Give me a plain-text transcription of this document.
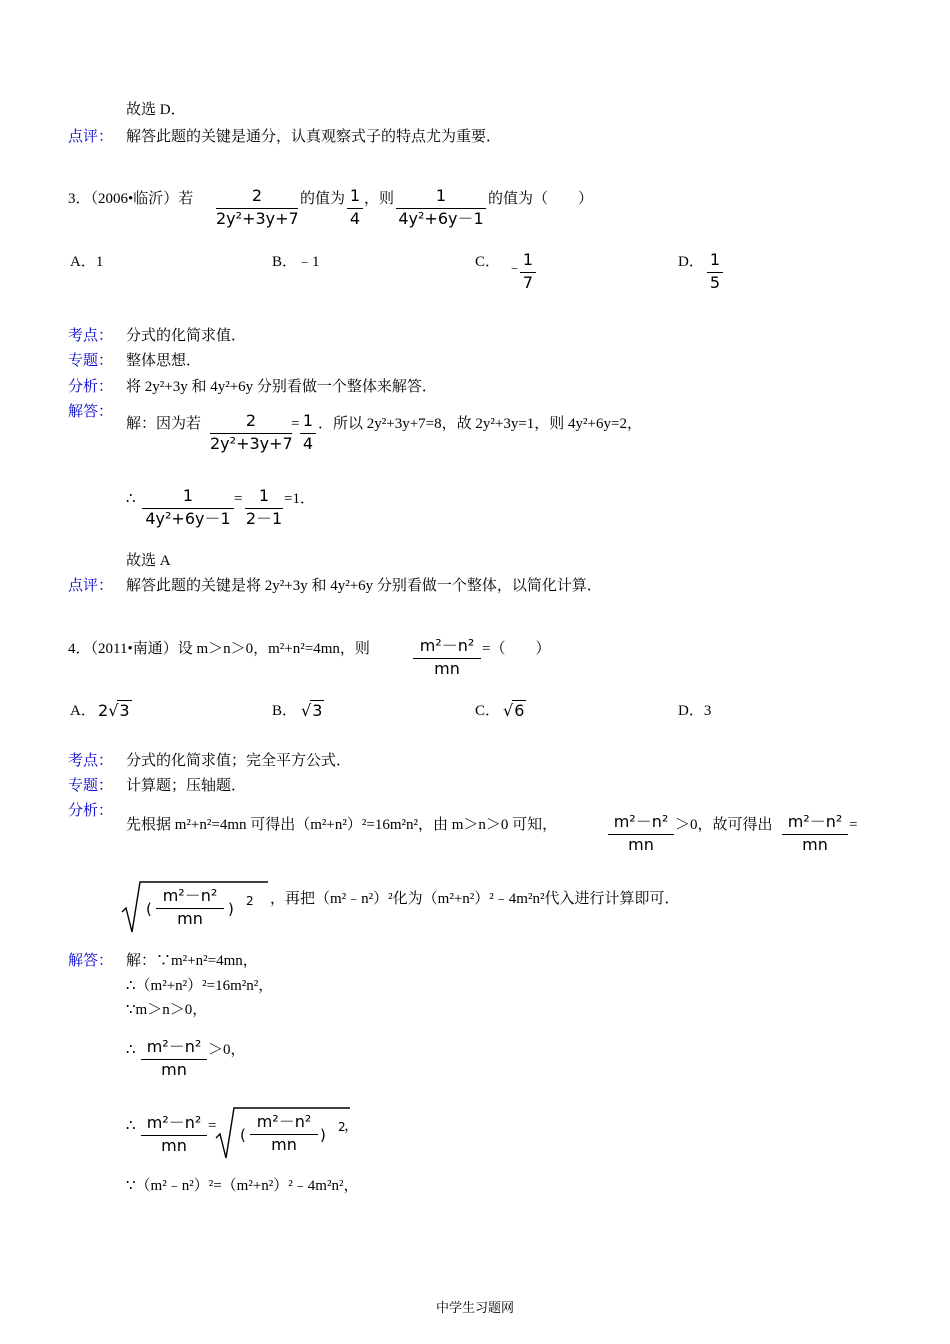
故选 D．
点评： 解答此题的关键是通分，认真观察式子的特点尤为重要．
3．（2006•临沂）若	2
2y²+3y+7
的值为 1
4
，则	1
4y²+6y－1
的值为（　　）
A．1	B．﹣1	C． ﹣ 1
7
D． 1
5
考点： 分式的化简求值．
专题： 整体思想．
分析： 将 2y²+3y 和 4y²+6y 分别看做一个整体来解答．
解答：
解：因为若	2
2y²+3y+7
= 1
4
．所以 2y²+3y+7=8，故 2y²+3y=1，则 4y²+6y=2，
∴	1
4y²+6y－1
=	1
2－1
=1．
故选 A
点评： 解答此题的关键是将 2y²+3y 和 4y²+6y 分别看做一个整体，以简化计算．
4．（2011•南通）设 m＞n＞0，m²+n²=4mn，则	m²－n²
mn
=（　　）
A． 2√3	B． √3	C． √6	D．3
考点： 分式的化简求值；完全平方公式．
专题： 计算题；压轴题．
分析：
先根据 m²+n²=4mn 可得出（m²+n²）²=16m²n²，由 m＞n＞0 可知，	m²－n²
mn
＞0，故可得出 m²－n²
mn
=
(
m²－n²
mn	) 2 ，再把（m²﹣n²）²化为（m²+n²）²﹣4m²n²代入进行计算即可．
解答： 解：∵m²+n²=4mn，
∴（m²+n²）²=16m²n²，
∵m＞n＞0，
∴ m²－n²
mn
＞0，
∴ m²－n²
mn
= (
m²－n²
mn	) 2
，
∵（m²﹣n²）²=（m²+n²）²﹣4m²n²，
中学生习题网
